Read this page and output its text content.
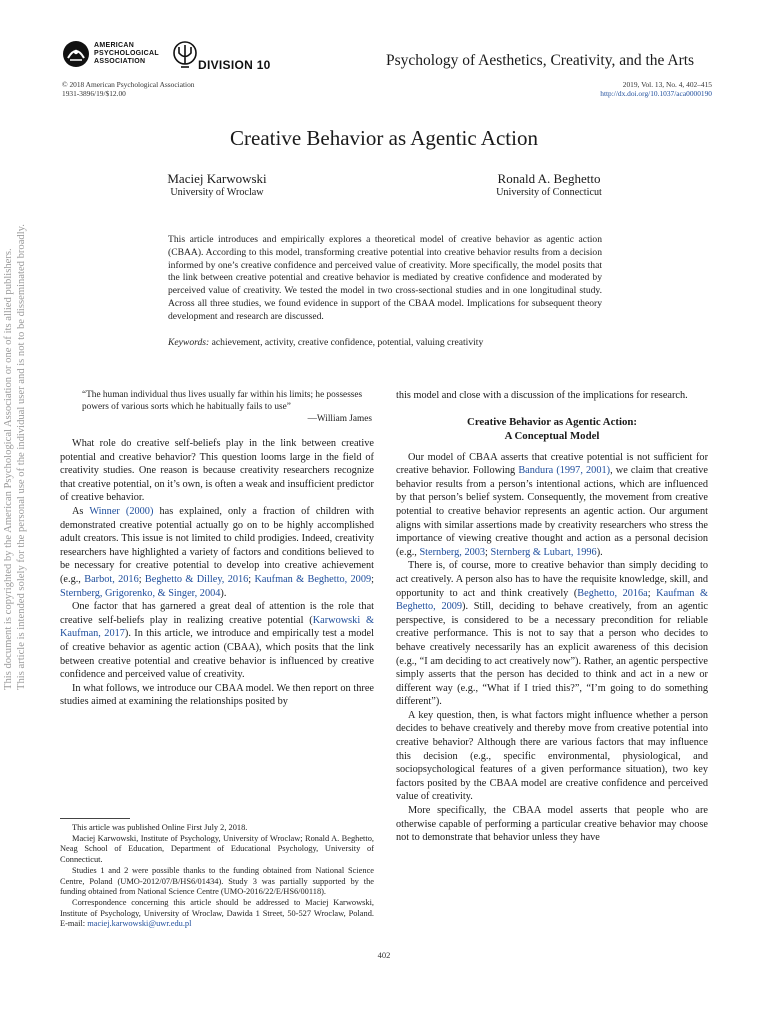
AMERICAN
PSYCHOLOGICAL
ASSOCIATION	DIVISION 10	Psychology of Aesthetics, Creativity, and the Arts
© 2018 American Psychological Association
1931-3896/19/$12.00
2019, Vol. 13, No. 4, 402–415
http://dx.doi.org/10.1037/aca0000190
Creative Behavior as Agentic Action
Maciej Karwowski
University of Wroclaw
Ronald A. Beghetto
University of Connecticut
This article introduces and empirically explores a theoretical model of creative behavior as agentic action (CBAA). According to this model, transforming creative potential into creative behavior results from a decision informed by one’s creative confidence and perceived value of creativity. More specifically, the model posits that the link between creative potential and creative behavior is mediated by creative confidence and moderated by perceived value of creativity. We tested the model in two cross-sectional studies and in one longitudinal study. Across all three studies, we found evidence in support of the CBAA model. Implications for subsequent theory development and research are discussed.
Keywords: achievement, activity, creative confidence, potential, valuing creativity
“The human individual thus lives usually far within his limits; he possesses powers of various sorts which he habitually fails to use”
—William James

What role do creative self-beliefs play in the link between creative potential and creative behavior? This question looms large in the field of creativity studies. One reason is because creativity researchers recognize that creative potential, on it’s own, is often a weak and insufficient predictor of creative behavior.

As Winner (2000) has explained, only a fraction of children with demonstrated creative potential actually go on to be highly accomplished adult creators. This issue is not limited to child prodigies. Indeed, creativity researchers have highlighted a variety of factors and conditions believed to be necessary for creative potential to develop into creative achievement (e.g., Barbot, 2016; Beghetto & Dilley, 2016; Kaufman & Beghetto, 2009; Sternberg, Grigorenko, & Singer, 2004).

One factor that has garnered a great deal of attention is the role that creative self-beliefs play in realizing creative potential (Karwowski & Kaufman, 2017). In this article, we introduce and empirically test a model of creative behavior as agentic action (CBAA), which posits that the link between creative potential and creative behavior is influenced by creative confidence and perceived value of creativity.

In what follows, we introduce our CBAA model. We then report on three studies aimed at examining the relationships posited by

this model and close with a discussion of the implications for research.

Creative Behavior as Agentic Action:
A Conceptual Model

Our model of CBAA asserts that creative potential is not sufficient for creative behavior. Following Bandura (1997, 2001), we claim that creative behavior results from a person’s intentional actions, which are influenced by that person’s belief system. Consequently, the movement from creative potential to creative behavior represents an agentic action. Our argument aligns with similar assertions made by creativity researchers who stress the importance of viewing creative thought and action as a personal decision (e.g., Sternberg, 2003; Sternberg & Lubart, 1996).

There is, of course, more to creative behavior than simply deciding to act creatively. A person also has to have the requisite knowledge, skill, and opportunity to act and think creatively (Beghetto, 2016a; Kaufman & Beghetto, 2009). Still, deciding to behave creatively, from an agentic perspective, is considered to be a necessary precondition for reliable creative performance. This is not to say that a person who decides to behave creatively necessarily has an explicit awareness of this decision (e.g., “I am deciding to act creatively now”). Rather, an agentic perspective simply asserts that the person has decided to think and act in a new or different way (e.g., “What if I tried this?”, “I’m going to do something different”).

A key question, then, is what factors might influence whether a person decides to behave creatively and thereby move from creative potential into creative behavior? Although there are various factors that may influence this decision (e.g., specific environmental, physiological, and sociopsychological features of a given performance situation), two key factors posited by the CBAA model are creative confidence and perceived value of creativity.

More specifically, the CBAA model asserts that people who are otherwise capable of performing a particular creative behavior may choose not to demonstrate that behavior unless they have

This article was published Online First July 2, 2018.

Maciej Karwowski, Institute of Psychology, University of Wroclaw; Ronald A. Beghetto, Neag School of Education, Department of Educational Psychology, University of Connecticut.

Studies 1 and 2 were possible thanks to the funding obtained from National Science Centre, Poland (UMO-2012/07/B/HS6/01434). Study 3 was partially supported by the funding obtained from National Science Centre (UMO-2016/22/E/HS6/00118).

Correspondence concerning this article should be addressed to Maciej Karwowski, Institute of Psychology, University of Wroclaw, Dawida 1 Street, 50-527 Wroclaw, Poland. E-mail: maciej.karwowski@uwr.edu.pl

402
This document is copyrighted by the American Psychological Association or one of its allied publishers. This article is intended solely for the personal use of the individual user and is not to be disseminated broadly.
